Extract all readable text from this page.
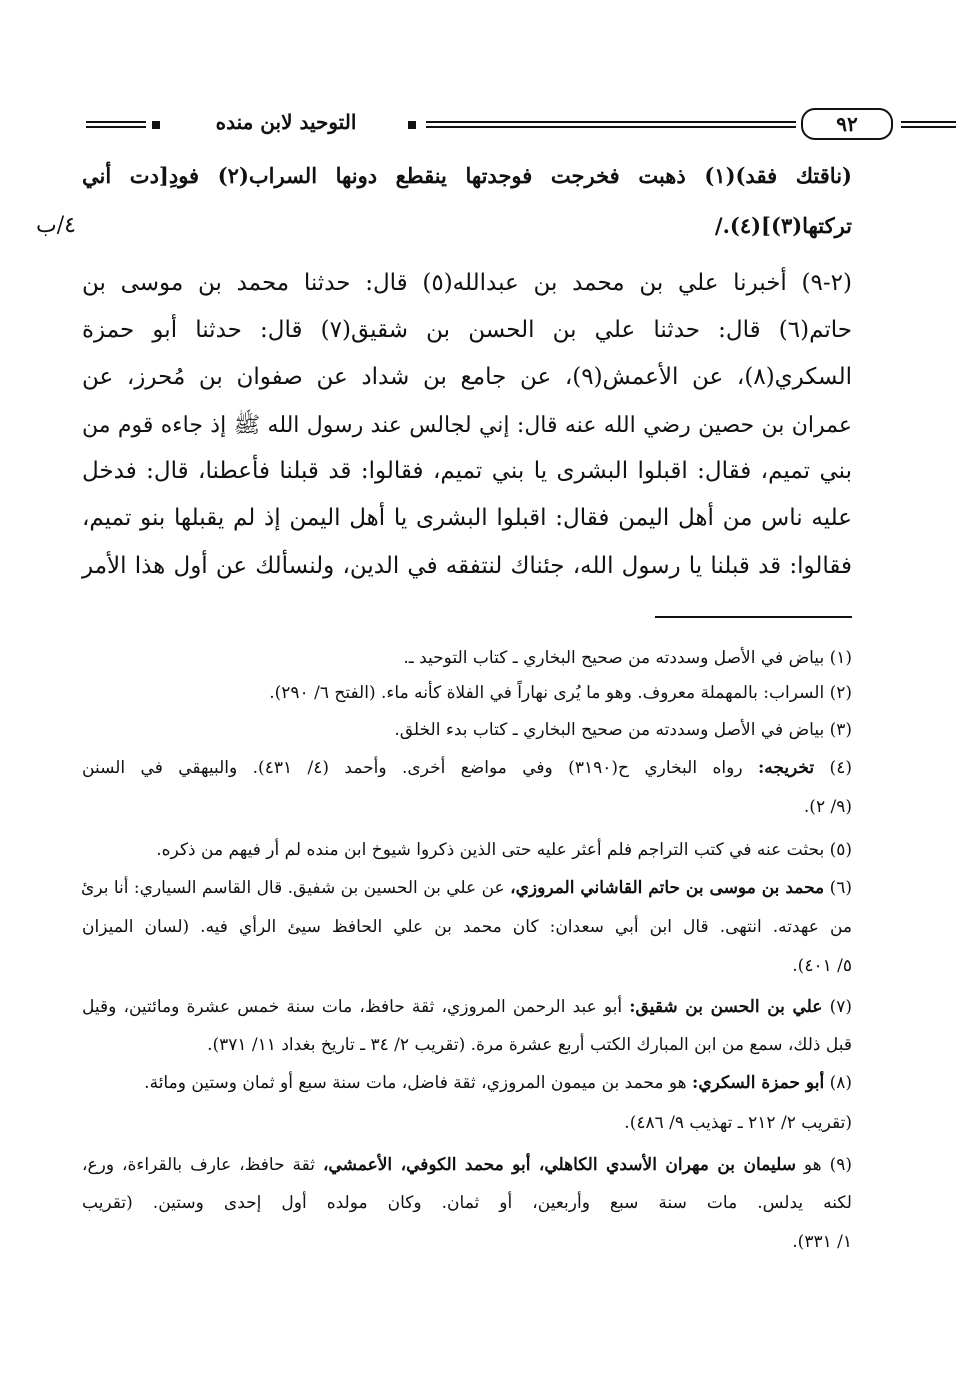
التوحيد لابن منده	٩٢
(ناقتك فقد)(١) ذهبت فخرجت فوجدتها ينقطع دونها السراب(٢) فودِ[دت أني
تركتها(٣)](٤)./
٤/ب
(٢-٩) أخبرنا علي بن محمد بن عبدالله(٥) قال: حدثنا محمد بن موسى بن
حاتم(٦) قال: حدثنا علي بن الحسن بن شقيق(٧) قال: حدثنا أبو حمزة
السكري(٨)، عن الأعمش(٩)، عن جامع بن شداد عن صفوان بن مُحرز، عن
عمران بن حصين رضي الله عنه قال: إني لجالس عند رسول الله ﷺ إذ جاءه قوم من
بني تميم، فقال: اقبلوا البشرى يا بني تميم، فقالوا: قد قبلنا فأعطنا، قال: فدخل
عليه ناس من أهل اليمن فقال: اقبلوا البشرى يا أهل اليمن إذ لم يقبلها بنو تميم،
فقالوا: قد قبلنا يا رسول الله، جئناك لنتفقه في الدين، ولنسألك عن أول هذا الأمر
(١) بياض في الأصل وسددته من صحيح البخاري ـ كتاب التوحيد ـ.
(٢) السراب: بالمهملة معروف. وهو ما يُرى نهاراً في الفلاة كأنه ماء. (الفتح ٦/ ٢٩٠).
(٣) بياض في الأصل وسددته من صحيح البخاري ـ كتاب بدء الخلق.
(٤) تخريجه: رواه البخاري ح(٣١٩٠) وفي مواضع أخرى. وأحمد (٤/ ٤٣١). والبيهقي في السنن
(٩/ ٢).
(٥) بحثت عنه في كتب التراجم فلم أعثر عليه حتى الذين ذكروا شيوخ ابن منده لم أر فيهم من ذكره.
(٦) محمد بن موسى بن حاتم القاشاني المروزي، عن علي بن الحسين بن شفيق. قال القاسم السياري: أنا برئ
من عهدته. انتهى. قال ابن أبي سعدان: كان محمد بن علي الحافظ سيئ الرأي فيه. (لسان الميزان
٥/ ٤٠١).
(٧) علي بن الحسن بن شقيق: أبو عبد الرحمن المروزي، ثقة حافظ، مات سنة خمس عشرة ومائتين، وقيل
قبل ذلك، سمع من ابن المبارك الكتب أربع عشرة مرة. (تقريب ٢/ ٣٤ ـ تاريخ بغداد ١١/ ٣٧١).
(٨) أبو حمزة السكري: هو محمد بن ميمون المروزي، ثقة فاضل، مات سنة سبع أو ثمان وستين ومائة.
(تقريب ٢/ ٢١٢ ـ تهذيب ٩/ ٤٨٦).
(٩) هو سليمان بن مهران الأسدي الكاهلي، أبو محمد الكوفي، الأعمشي، ثقة حافظ، عارف بالقراءة، ورع،
لكنه يدلس. مات سنة سبع وأربعين، أو ثمان. وكان مولده أول إحدى وستين. (تقريب
١/ ٣٣١).
